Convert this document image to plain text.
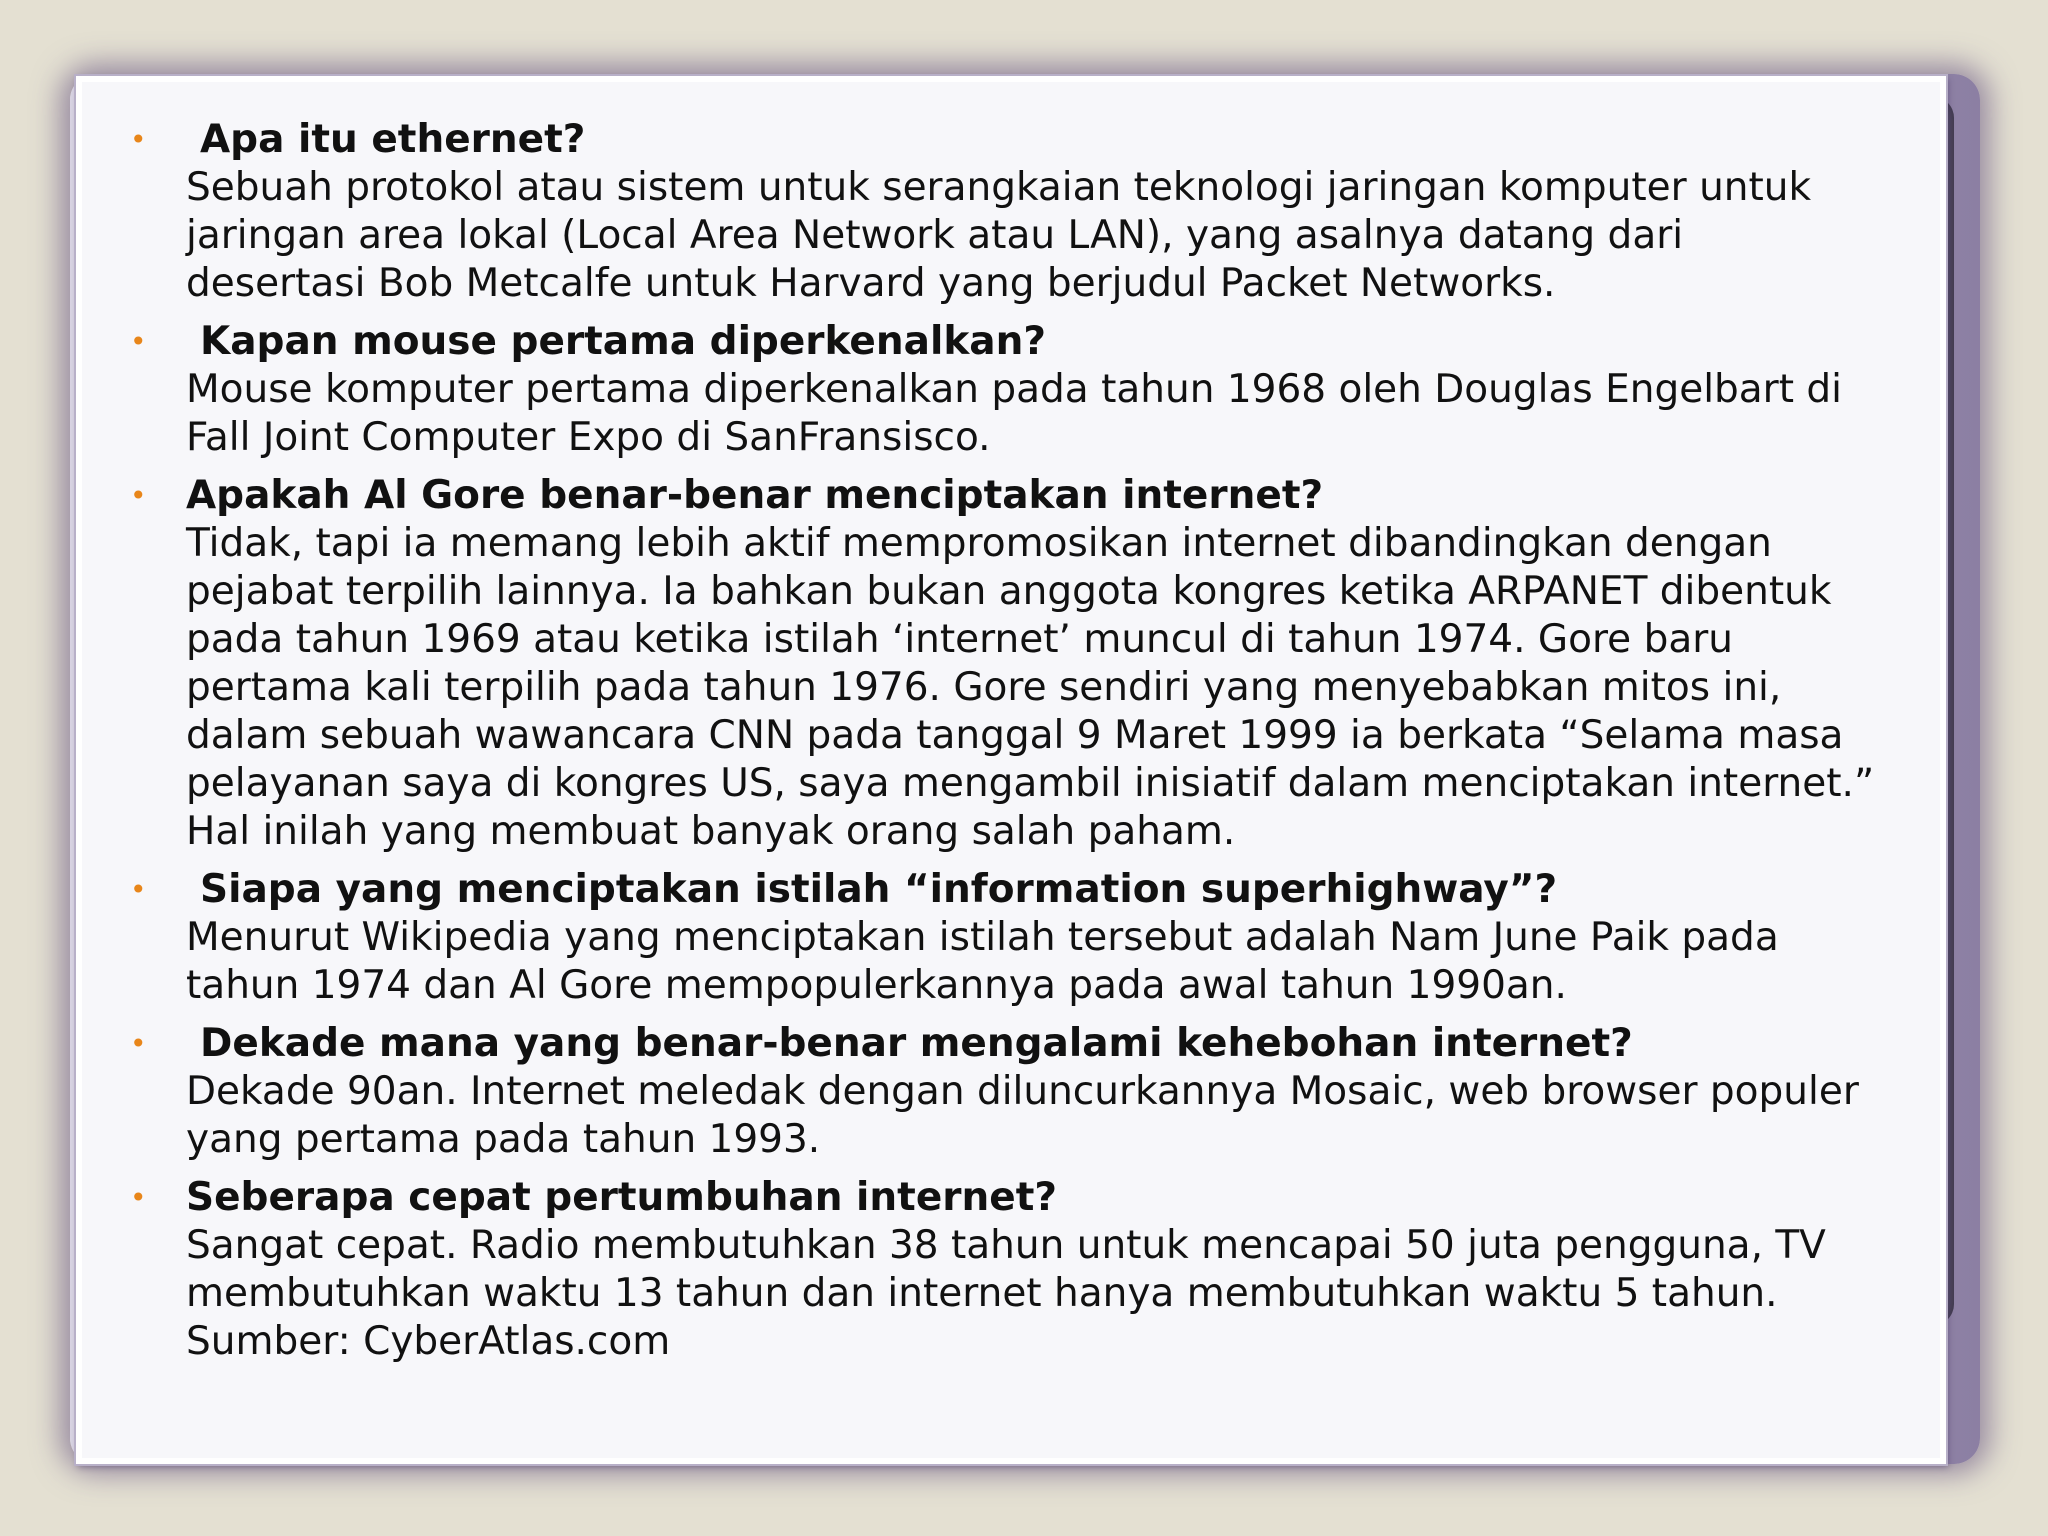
•	Apa itu ethernet?
Sebuah protokol atau sistem untuk serangkaian teknologi jaringan komputer untuk
jaringan area lokal (Local Area Network atau LAN), yang asalnya datang dari
desertasi Bob Metcalfe untuk Harvard yang berjudul Packet Networks.
•	Kapan mouse pertama diperkenalkan?
Mouse komputer pertama diperkenalkan pada tahun 1968 oleh Douglas Engelbart di
Fall Joint Computer Expo di SanFransisco.
• Apakah Al Gore benar-benar menciptakan internet?
Tidak, tapi ia memang lebih aktif mempromosikan internet dibandingkan dengan
pejabat terpilih lainnya. Ia bahkan bukan anggota kongres ketika ARPANET dibentuk
pada tahun 1969 atau ketika istilah ‘internet’ muncul di tahun 1974. Gore baru
pertama kali terpilih pada tahun 1976. Gore sendiri yang menyebabkan mitos ini,
dalam sebuah wawancara CNN pada tanggal 9 Maret 1999 ia berkata “Selama masa
pelayanan saya di kongres US, saya mengambil inisiatif dalam menciptakan internet.”
Hal inilah yang membuat banyak orang salah paham.
•	Siapa yang menciptakan istilah “information superhighway”?
Menurut Wikipedia yang menciptakan istilah tersebut adalah Nam June Paik pada
tahun 1974 dan Al Gore mempopulerkannya pada awal tahun 1990an.
•	Dekade mana yang benar-benar mengalami kehebohan internet?
Dekade 90an. Internet meledak dengan diluncurkannya Mosaic, web browser populer
yang pertama pada tahun 1993.
• Seberapa cepat pertumbuhan internet?
Sangat cepat. Radio membutuhkan 38 tahun untuk mencapai 50 juta pengguna, TV
membutuhkan waktu 13 tahun dan internet hanya membutuhkan waktu 5 tahun.
Sumber: CyberAtlas.com
